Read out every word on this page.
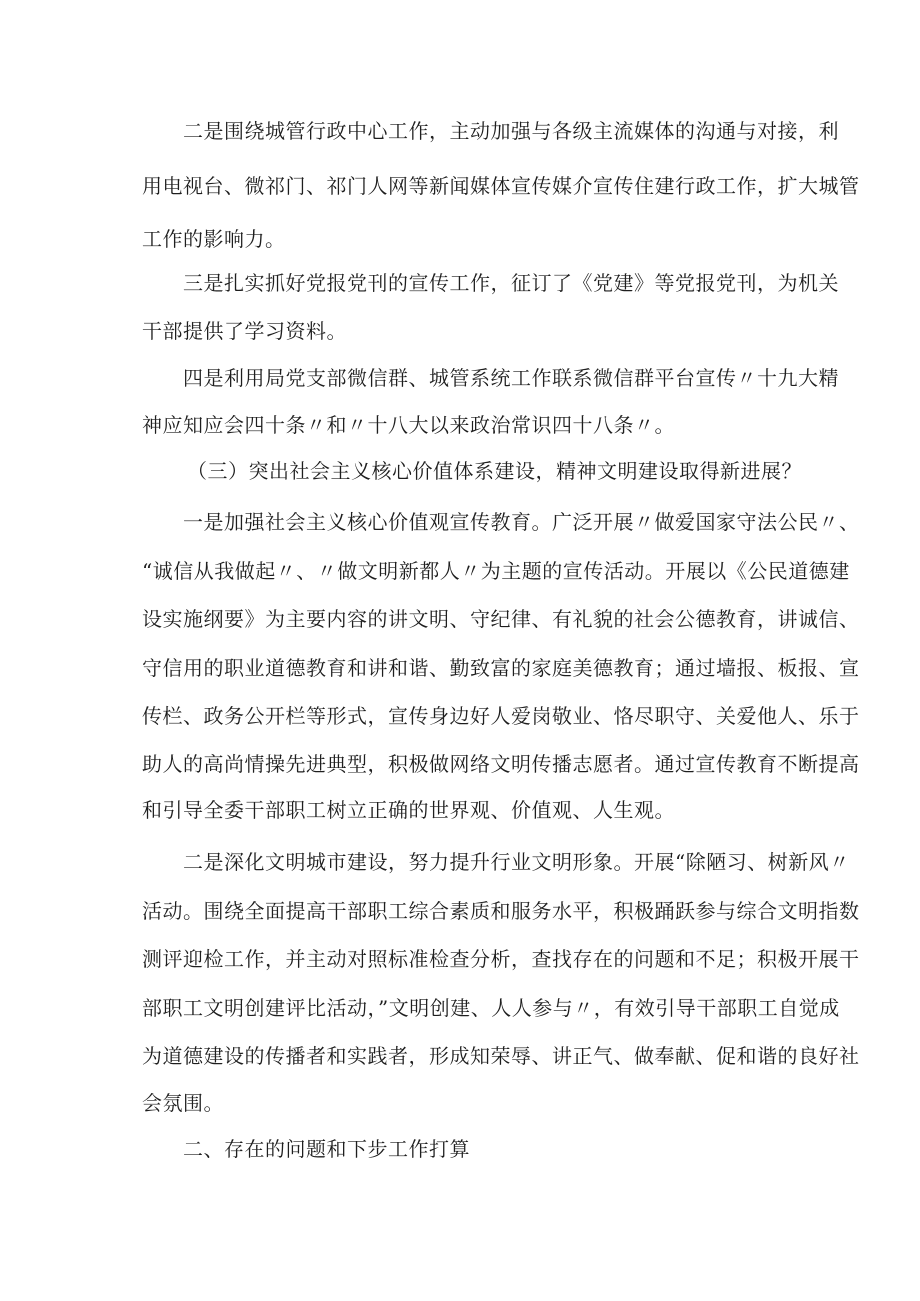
二是围绕城管行政中心工作，主动加强与各级主流媒体的沟通与对接，利

用电视台、微祁门、祁门人网等新闻媒体宣传媒介宣传住建行政工作，扩大城管

工作的影响力。

三是扎实抓好党报党刊的宣传工作，征订了《党建》等党报党刊，为机关

干部提供了学习资料。

四是利用局党支部微信群、城管系统工作联系微信群平台宣传〃十九大精

神应知应会四十条〃和〃十八大以来政治常识四十八条〃。

（三）突出社会主义核心价值体系建设，精神文明建设取得新进展？

一是加强社会主义核心价值观宣传教育。广泛开展〃做爱国家守法公民〃、

“诚信从我做起〃、〃做文明新都人〃为主题的宣传活动。开展以《公民道德建

设实施纲要》为主要内容的讲文明、守纪律、有礼貌的社会公德教育，讲诚信、

守信用的职业道德教育和讲和谐、勤致富的家庭美德教育；通过墙报、板报、宣

传栏、政务公开栏等形式，宣传身边好人爱岗敬业、恪尽职守、关爱他人、乐于

助人的高尚情操先进典型，积极做网络文明传播志愿者。通过宣传教育不断提高

和引导全委干部职工树立正确的世界观、价值观、人生观。

二是深化文明城市建设，努力提升行业文明形象。开展“除陋习、树新风〃

活动。围绕全面提高干部职工综合素质和服务水平，积极踊跃参与综合文明指数

测评迎检工作，并主动对照标准检查分析，查找存在的问题和不足；积极开展干

部职工文明创建评比活动，”文明创建、人人参与〃，有效引导干部职工自觉成

为道德建设的传播者和实践者，形成知荣辱、讲正气、做奉献、促和谐的良好社

会氛围。

二、存在的问题和下步工作打算
